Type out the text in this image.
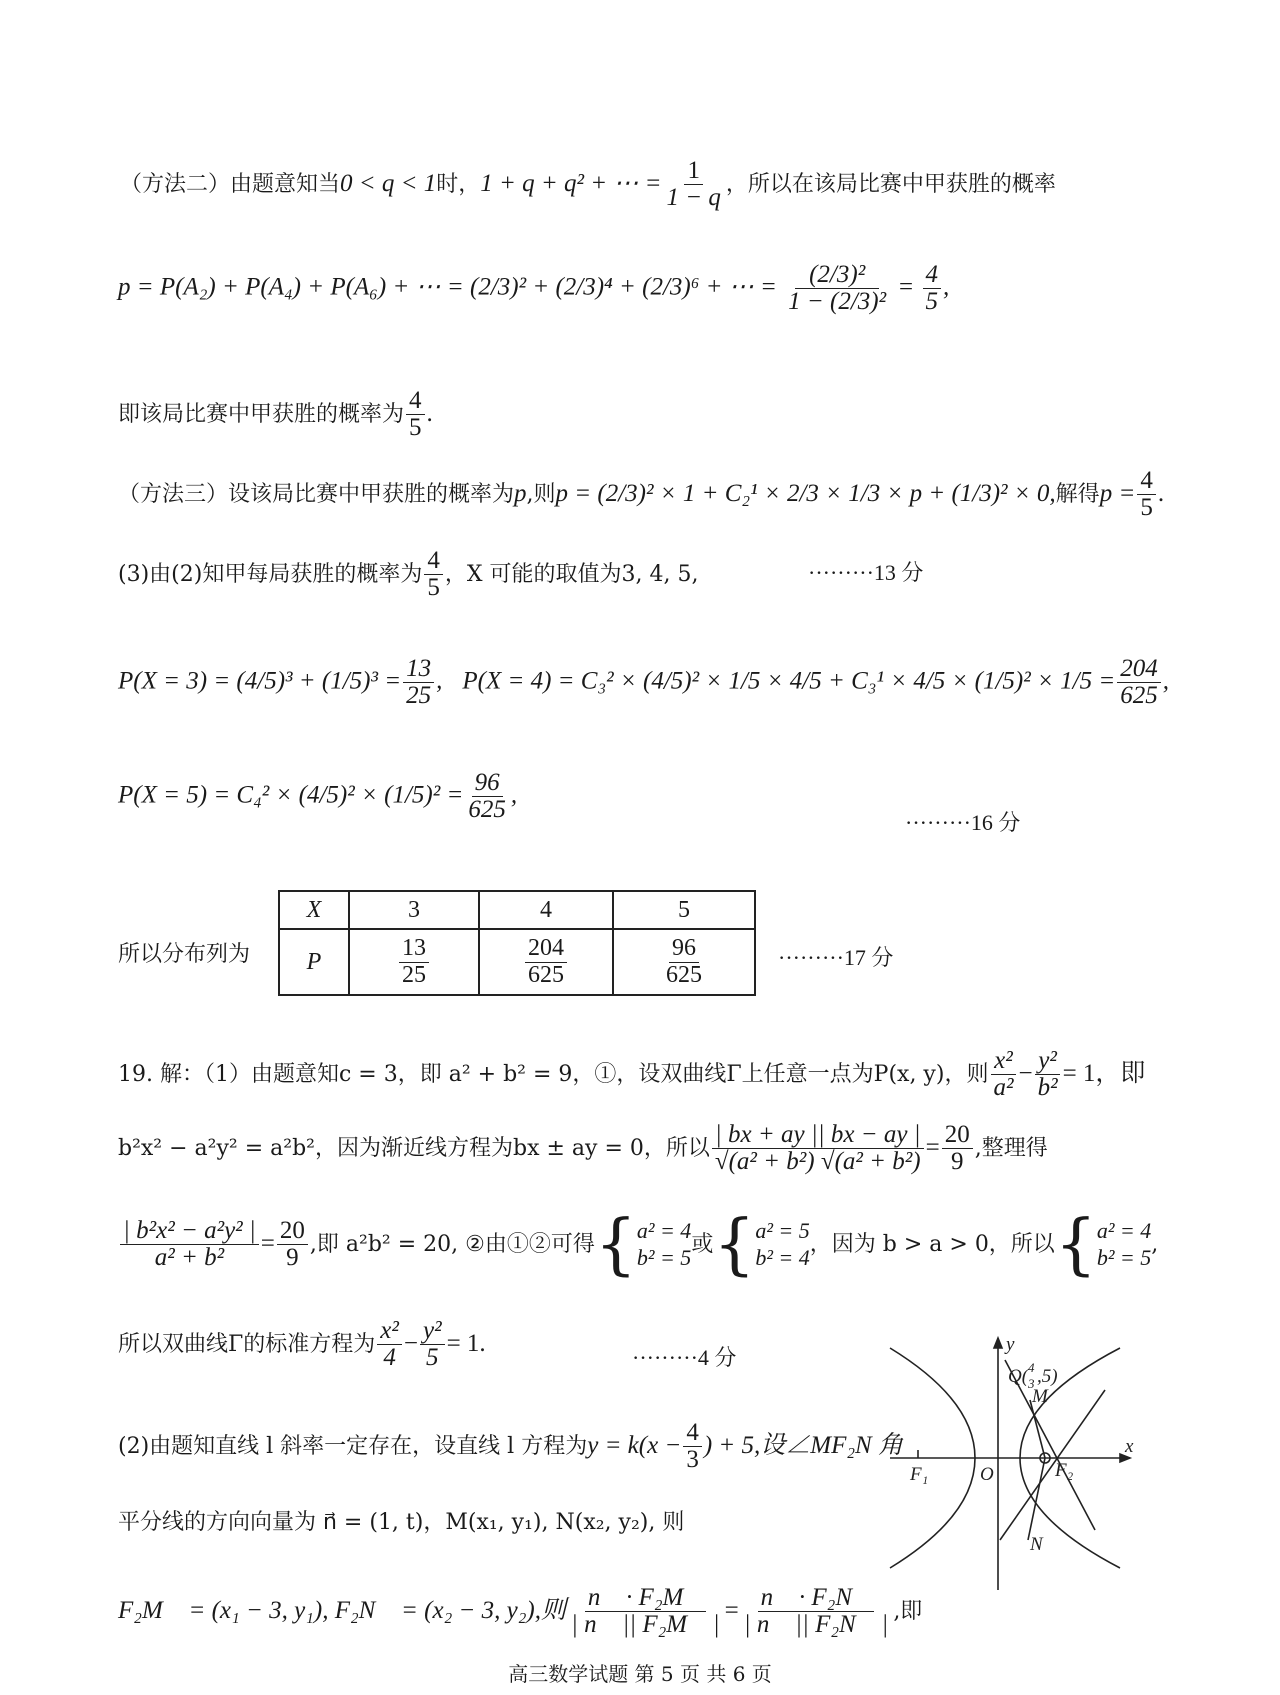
（方法二）由题意知当0 < q < 1时，1 + q + q² + ⋯ = $\frac{1}{1 - q}$ ，所以在该局比赛中甲获胜的概率
p = P(A₂) + P(A₄) + P(A₆) + ⋯ = (2/3)² + (2/3)⁴ + (2/3)⁶ + ⋯ = $\frac{\text{(2/3)²}}{\text{1 − (2/3)²}} = \frac{4}{5}$ ,
即该局比赛中甲获胜的概率为 $\frac{4}{5}$ .
（方法三）设该局比赛中甲获胜的概率为p,则p = (2/3)² × 1 + C₂¹ × 2/3 × 1/3 × p + (1/3)² × 0,解得$p = \frac{4}{5}$ .
(3)由(2)知甲每局获胜的概率为 $\frac{4}{5}$ ，X 可能的取值为3, 4, 5,	·········13 分
$P(X = 3) = (4/5)^3 + (1/5)^3 = \frac{13}{25}$ , $P(X = 4) = C_3^2 \times (4/5)^2 \times 1/5 \times 4/5 + C_3^1 \times 4/5 \times (1/5)^2 \times 1/5 = \frac{204}{625}$ ,
$P(X = 5) = C_4^2 \times (4/5)^2 \times (1/5)^2 = \frac{96}{625}$ ,
·········16 分
所以分布列为
X	3	4	5
P	$\frac{13}{25}$	$\frac{204}{625}$	$\frac{96}{625}$	·········17 分
19. 解：（1）由题意知c = 3，即 a² + b² = 9，①，设双曲线Γ上任意一点为P(x, y)，则 $\frac{\text{x²}}{\text{a²}} - \frac{\text{y²}}{\text{b²}} = 1$，即
b²x² − a²y² = a²b²，因为渐近线方程为bx ± ay = 0，所以 $\frac{| bx + ay || bx - ay |}{\text{√(a² + b²) √(a² + b²)}} = \frac{20}{9}$ ,整理得
$\frac{\text{| b²x² − a²y² |}}{\text{a² + b²}} = \frac{20}{9}$ ,即 a²b² = 20, ②由①②可得{ a² = 4
b² = 5
或{ a² = 5
b² = 4
，因为 b > a > 0，所以{ a² = 4
b² = 5
,
所以双曲线Γ的标准方程为 $\frac{\text{x²}}{4} - \frac{\text{y²}}{5} = 1$.
·········4 分
(2)由题知直线 l 斜率一定存在，设直线 l 方程为$y = k(x - \frac{4}{3}$ ) + 5,设∠MF₂N 角
平分线的方向向量为 n⃗ = (1, t)，M(x₁, y₁), N(x₂, y₂), 则
F₂M⃗ = (x₁ − 3, y₁), F₂N⃗ = (x₂ − 3, y₂),则 $\frac{\text{n⃗ · F₂M⃗}}{\text{| n⃗ || F₂M⃗ |}} = \frac{\text{n⃗ · F₂N⃗}}{\text{| n⃗ || F₂N⃗ |}}$ ,即
y
x
O
F₁	F₂
Q( 4
3 ,5)
M
N
高三数学试题 第 5 页 共 6 页
